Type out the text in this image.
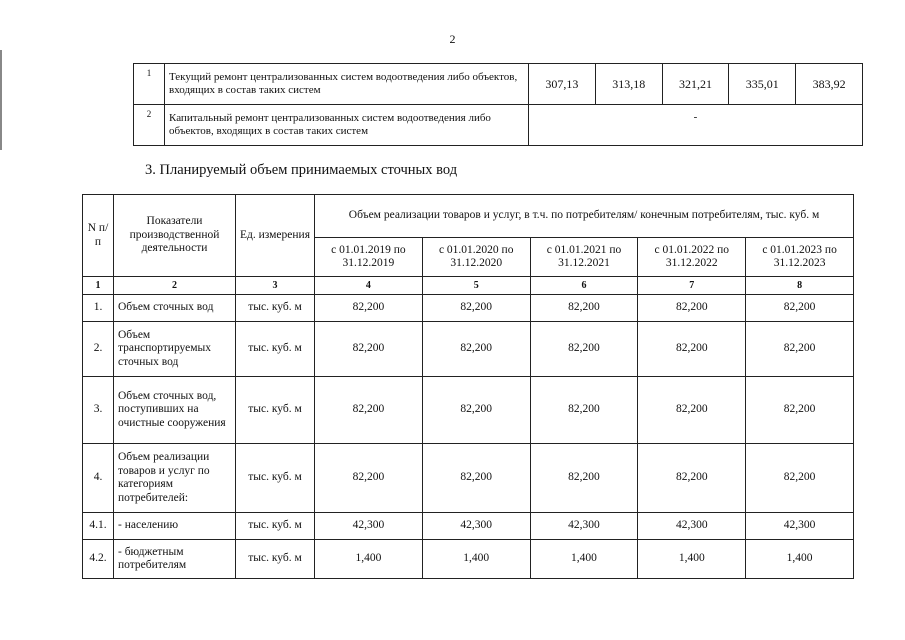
2
1	Текущий ремонт централизованных систем водоотведения либо объектов, входящих в состав таких систем	307,13	313,18	321,21	335,01	383,92
2	Капитальный ремонт централизованных систем водоотведения либо объектов, входящих в состав таких систем	-				
3. Планируемый объем принимаемых сточных вод
N п/п	Показатели производственной деятельности	Ед. измерения	Объем реализации товаров и услуг, в т.ч. по потребителям/ конечным потребителям, тыс. куб. м				
			с 01.01.2019 по 31.12.2019	с 01.01.2020 по 31.12.2020	с 01.01.2021 по 31.12.2021	с 01.01.2022 по 31.12.2022	с 01.01.2023 по 31.12.2023
1	2	3	4	5	6	7	8
1.	Объем сточных вод	тыс. куб. м	82,200	82,200	82,200	82,200	82,200
2.	Объем транспортируемых сточных вод	тыс. куб. м	82,200	82,200	82,200	82,200	82,200
3.	Объем сточных вод, поступивших на очистные сооружения	тыс. куб. м	82,200	82,200	82,200	82,200	82,200
4.	Объем реализации товаров и услуг по категориям потребителей:	тыс. куб. м	82,200	82,200	82,200	82,200	82,200
4.1.	- населению	тыс. куб. м	42,300	42,300	42,300	42,300	42,300
4.2.	- бюджетным потребителям	тыс. куб. м	1,400	1,400	1,400	1,400	1,400
